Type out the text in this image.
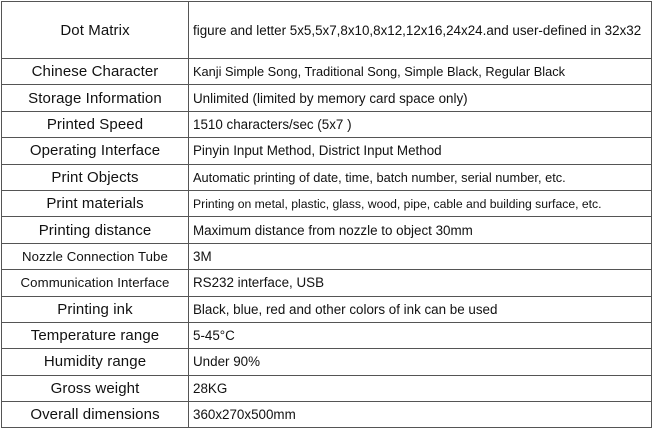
Dot Matrix	figure and letter 5x5,5x7,8x10,8x12,12x16,24x24.and user-defined in 32x32
Chinese Character	Kanji Simple Song, Traditional Song, Simple Black, Regular Black
Storage Information	Unlimited (limited by memory card space only)
Printed Speed	1510 characters/sec (5x7 )
Operating Interface	Pinyin Input Method, District Input Method
Print Objects	Automatic printing of date, time, batch number, serial number, etc.
Print materials	Printing on metal, plastic, glass, wood, pipe, cable and building surface, etc.
Printing distance	Maximum distance from nozzle to object 30mm
Nozzle Connection Tube	3M
Communication Interface	RS232 interface, USB
Printing ink	Black, blue, red and other colors of ink can be used
Temperature range	5-45°C
Humidity range	Under 90%
Gross weight	28KG
Overall dimensions	360x270x500mm
